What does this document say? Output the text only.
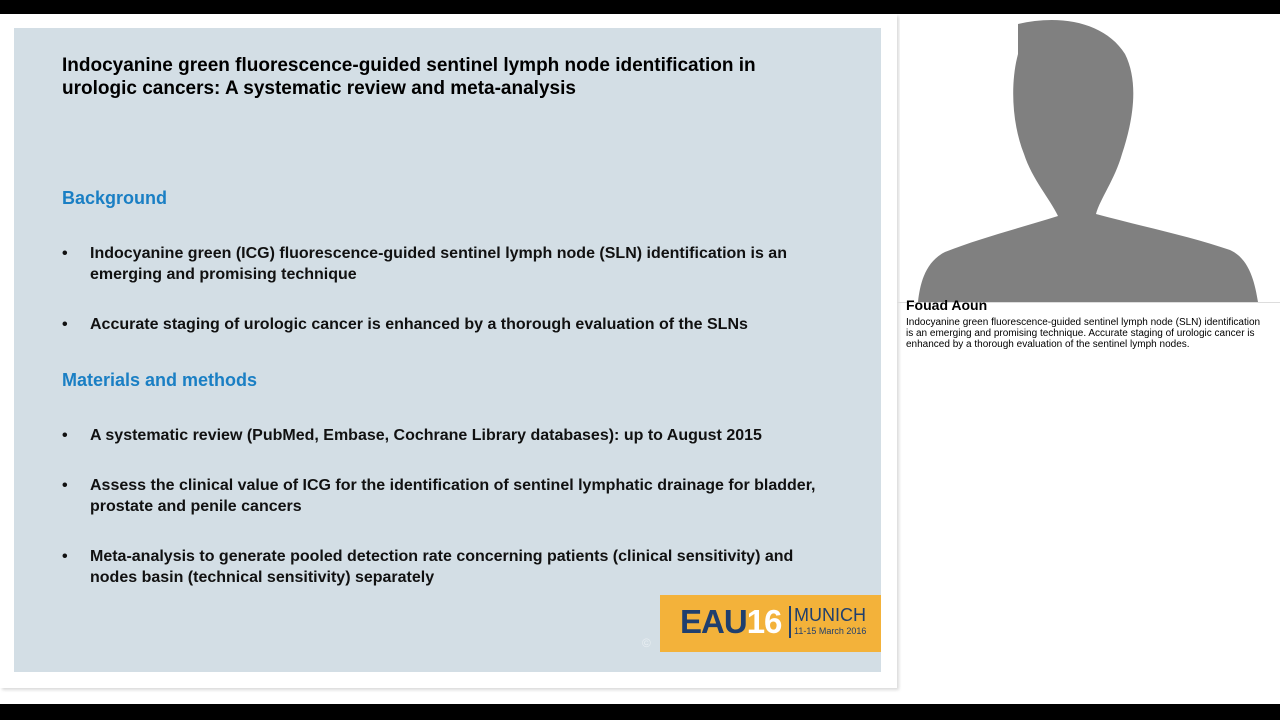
Indocyanine green fluorescence-guided sentinel lymph node identification in urologic cancers: A systematic review and meta-analysis
Background
•	Indocyanine green (ICG) fluorescence-guided sentinel lymph node (SLN) identification is an emerging and promising technique
•	Accurate staging of urologic cancer is enhanced by a thorough evaluation of the SLNs
Materials and methods
•	A systematic review (PubMed, Embase, Cochrane Library databases): up to August 2015
•	Assess the clinical value of ICG for the identification of sentinel lymphatic drainage for bladder, prostate and penile cancers
•	Meta-analysis to generate pooled detection rate concerning patients (clinical sensitivity) and nodes basin (technical sensitivity) separately
©
EAU16 MUNICH
11-15 March 2016
Fouad Aoun
Indocyanine green fluorescence-guided sentinel lymph node (SLN) identification is an emerging and promising technique. Accurate staging of urologic cancer is enhanced by a thorough evaluation of the sentinel lymph nodes.
